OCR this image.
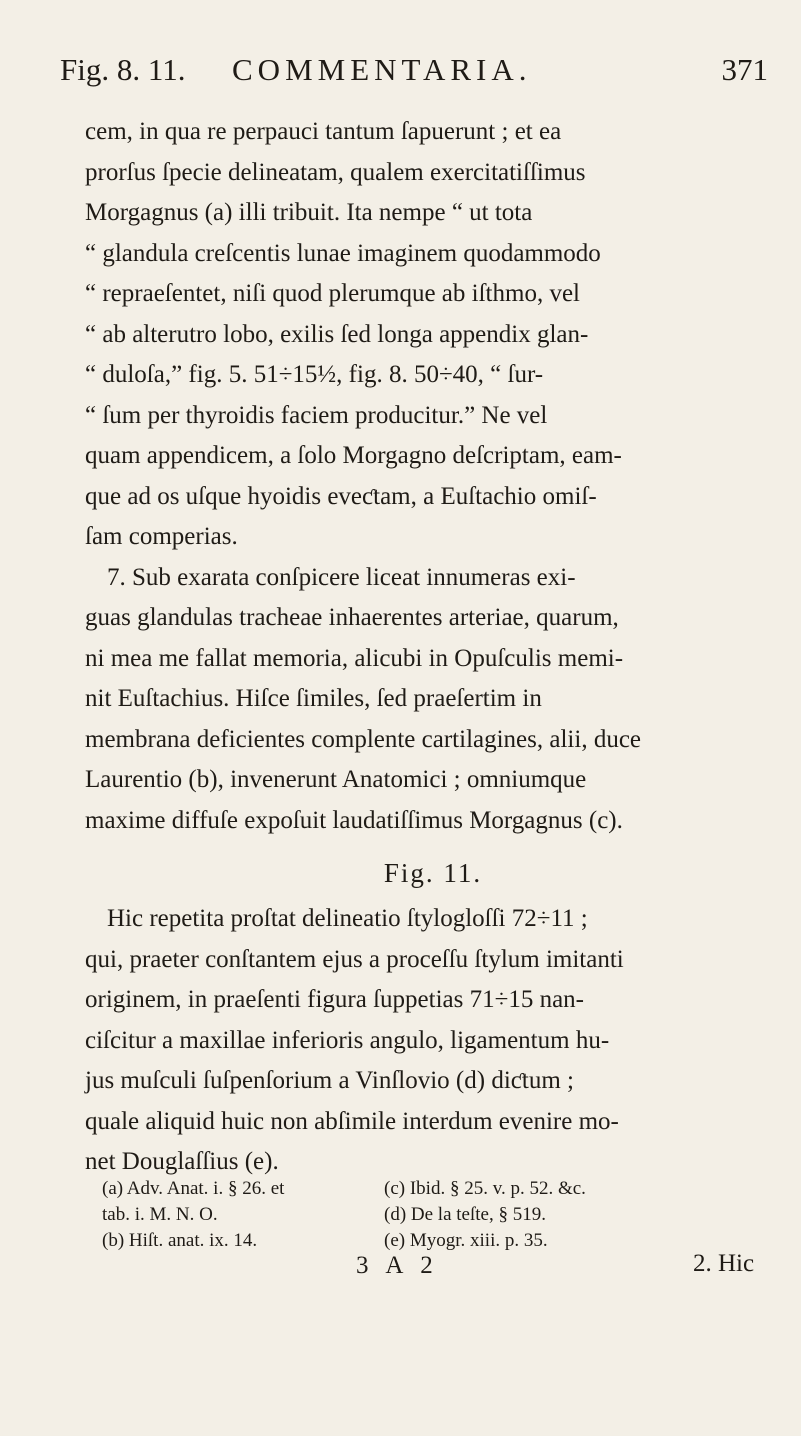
Fig. 8. 11. COMMENTARIA.	371
cem, in qua re perpauci tantum ſapuerunt ; et ea
prorſus ſpecie delineatam, qualem exercitatiſſimus
Morgagnus (a) illi tribuit. Ita nempe “ ut tota
“ glandula creſcentis lunae imaginem quodammodo
“ repraeſentet, niſi quod plerumque ab iſthmo, vel
“ ab alterutro lobo, exilis ſed longa appendix glan-
“ duloſa,” fig. 5. 51÷15½, fig. 8. 50÷40, “ ſur-
“ ſum per thyroidis faciem producitur.” Ne vel
quam appendicem, a ſolo Morgagno deſcriptam, eam-
que ad os uſque hyoidis eveƈtam, a Euſtachio omiſ-
ſam comperias.
7. Sub exarata conſpicere liceat innumeras exi-
guas glandulas tracheae inhaerentes arteriae, quarum,
ni mea me fallat memoria, alicubi in Opuſculis memi-
nit Euſtachius. Hiſce ſimiles, ſed praeſertim in
membrana deficientes complente cartilagines, alii, duce
Laurentio (b), invenerunt Anatomici ; omniumque
maxime diffuſe expoſuit laudatiſſimus Morgagnus (c).
Fig. 11.
Hic repetita proſtat delineatio ſtylogloſſi 72÷11 ;
qui, praeter conſtantem ejus a proceſſu ſtylum imitanti
originem, in praeſenti figura ſuppetias 71÷15 nan-
ciſcitur a maxillae inferioris angulo, ligamentum hu-
jus muſculi ſuſpenſorium a Vinſlovio (d) diƈtum ;
quale aliquid huic non abſimile interdum evenire mo-
net Douglaſſius (e).
(a) Adv. Anat. i. § 26. et
tab. i. M. N. O.
(b) Hiſt. anat. ix. 14.
(c) Ibid. § 25. v. p. 52. &c.
(d) De la teſte, § 519.
(e) Myogr. xiii. p. 35.
3 A 2	2. Hic
